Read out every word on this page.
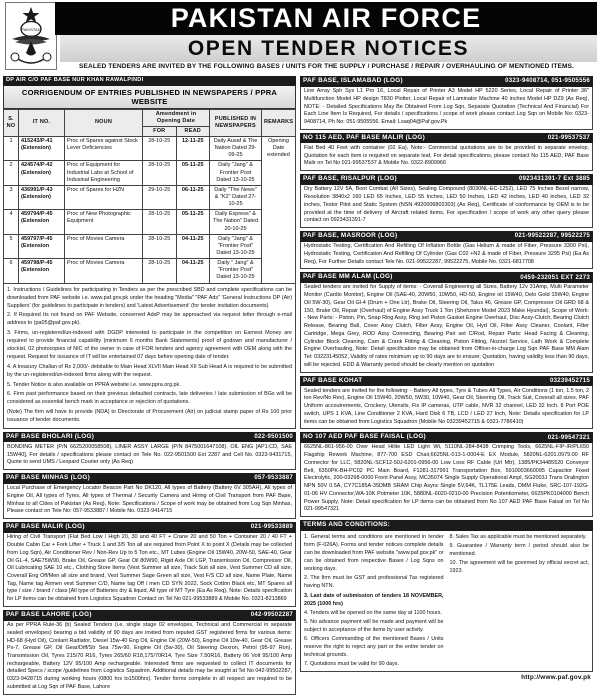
PAKISTAN	PAKISTAN AIR FORCE
OPEN TENDER NOTICES
SEALED TENDERS ARE INVITED BY THE FOLLOWING BASES / UNITS FOR THE SUPPLY / PURCHASE / REPAIR / OVERHAULING OF MENTIONED ITEMS.
DP AIR C/O PAF BASE NUR KHAN RAWALPINDI
CORRIGENDUM OF ENTRIES PUBLISHED IN NEWSPAPERS / PPRA WEBSITE
S. NO	IT NO.	NOUN	Amendment in Opening Date		PUBLISHED IN NEWSPAPERS	REMARKS
			FOR	READ		
1	415243/P-41 (Extension)	Proc of Spares against Stock Lever Deficiencies	28-10-25	12-11-25	Daily Ausaf & The Nation Dated 29-09-25	Opening Date extended
2	424574/P-42 (Extension)	Proc of Equipment for Industrial Labs at School of Indusinal Engineering	28-10-25	05-11-25	Daily "Jang" & Frontier Post Dated 13-10-25	
3	436991/P-43 (Extension)	Proc of Spares for HZN	29-10-25	06-11-25	Daily "The News" & "K2" Dated 27-10-25	
4	459794/P-45 (Extension	Proc of New Photographic Equipment	28-10-25	05-11-25	Daily Express" & The Nation" Dated 20-10-25	
5	459797/P-45 (Extension	Proc of Movies Camera	28-10-25	04-11-25	Daily "Jang" & "Frontier Post" Dated 13-10-25	
6	459798/P-45 (Extension	Proc of Movies Camera	28-10-25	04-11-25	Daily " Jang" & "Frontier Post" Dated 13-10-25	

1. Instructions / Guidelines for participating in Tenders as per the prescribed SBD and complete specifications can be downloaded from PAF website i.e. www.paf.gov.pk under the heading "Media" "PAF Ads" 'General Instructions DP (Air) Suppliers' (for guidelines to participate in tenders) and 'Latest Advertisement' (for tender invitation documents)

2. If Required Its not found on PAF Website, concerned AdsP may be approached via request letter through e-mail address to (pa05@paf.gov.pk).

3. Firms, un-registered/un-indexed with DGDP interested to participate in the competition on Earnest Money are required to provide financial capability (minimum 6 months Bank Statements) proof of godown and manufacturer / stockist, 02 photocopies of NIC of the owner in case of FOR tenders and agency agreement with OEM along with the request. Request for issuance of IT will be entertained 07 days before opening date of tender.

4. A treasury Challan of Rs 2,000/- debitable to Main Head XLVII Main Head XII Sub Head A is required to be submitted by the un-registered/un-indexed firms along with the request.

5. Tender Notice is also available on PPRA website i.e. www.ppra.org.pk.

6. Firm past performance based on their previous defaulted contracts, late deliveries / late submission of BGs will be considered as essential bench mark in acceptance or rejection of quotations.

(Note) The firm will have to provide (NDA) to Directorate of Procurement (Air) on judicial stamp paper of Rs 100 prior issuance of tender documents.

PAF BASE BHOLARI (LOG)	022-9501500
BONDING METER (P/N 6625200058508), LINER ASSY LARGE (P/N 8475001647108), OIL ENG [AP1:CD, SAE 15W40], For details / specifications please contact on Tele No. 022-9501500 Ext 2287 and Cell No. 0323-9431715, Quote to send UMS / Leopard Courier only (As Req)
PAF BASE MINHAS (LOG)	057-9533887
Local Purchase of Emergency Locator Beacon Part No DK120, All types of Battery (Battery 6V 305AH), All types of Engine Oil, All types of Tyres, All types of Thermal / Security Camera and Hiring of Civil Transport from PAF Base, Minhas to all Cities of Pakistan (As Req), Note: Specifications / Scope of work may be obtained from Log Sqn Minhas, Please contact on Tele No: 057-9533887 / Mobile No. 0323-9414715
PAF BASE MALIR (LOG)	021-99533889
Hiring of Civil Transport (Flat Bed Low / High 20, 30 and 40 FT + Crane 20 and 50 Ton + Container 20 / 40 FT + Double Cabin Car + Fork Lifter + Truck 1 and 3/5 Ton all are required from Point X to point X (Details may be collected from Log Sqn), Air Conditioner Rev / Non-Rev Up to 5 Ton etc., MT Lubes (Engine Oil 15W40, 20W-50, SAE-40, Gear Oil GL-4, SAE75W90, Brake Oil, Grease GP, Gear Oil 80W90, Rigid Axle Oil LGP, Transmission Oil, Compressor Oil, Oil Lubricating SAE 10 etc., Clothing Store Items (Vest Summer all size, Track Suit all size, Vest Summer CD all size, Coverall Eng Off/Men all size and brand, Vest Summer Sage Green all size, Vest F/S CD all size, Name Plate, Name Tag, Name tag Airmen vest Summer C/D, Name tag Off / men CD SYN 2022, Sock Cotton Black etc, MT Spares all type / size / brand / class [All type of Batteries dry & liquid, All type of MT Tyre (Ea As Req), Note: Details specification for LP items can be obtained from Logistics Squadron Contact on Tel No 021-99533889 & Mobile No. 0321-8213869
PAF BASE LAHORE (LOG)	042-99502287
As per PPRA Rule-36 (b) Sealed Tenders (i.e. single stage 02 envelopes, Technical and Commercial in separate sealed envelopes) bearing a bid validity of 90 days are invited from reputed GST registered firms for various items: HD-68 (Hyd Oil), Coolant Radiator, Diesel 15w-40 Eng Oil, Engine Oil (20W-50), Engine Oil 10w-40, Gear Oil, Grease Px-7, Grease GP, Oil Gear/Diff/Str Sea 75w-90, Engine Oil (5w-30), Oil Steering Dexron, Petrol (95-97 Ron), Transmission Oil, Tyres 215/70 R16, Tyres 265/60 R18,175/70R14, Tyre Size 7.50R16, Battery 06 Volt 95/100 Amp rechargeable, Battery 12V 95/100 Amp rechargeable. Interested firms are requested to collect IT documents for detailed Specs / scope /guidelines from Logistics Squadron. Additional details may be sought at Tel No 042-99502287, 0323-9428715 during working hours (0800 hrs to1500hrs). Tender forms complete in all respect are required to be submitted at Log Sqn of PAF Base, Lahore
PAF BASE, ISLAMABAD (LOG)	0323-9408714, 051-9505556
Line Array Splr Sys L1 Pro 16, Local Repair of Printer A3 Model HP 5220 Series, Local Repair of Printer 36" Multifunction Model HP design T830 Plotter, Local Repair of Laminator Machine 40 inches Model HP DZ9 (As Req), NOTE: - Detailed Specifications May Be Obtained From Log Sqn, Separate Quotation (Technical And Financial) For Each Line Item Is Required, For details / specifications / scope of work please contact Log Sqn on Mobile No: 0323-9408714, Ph No: 051-9505556. Email: Lsaq04@Paf.gov.Pk
NO 115 AED, PAF BASE MALIR (LOG)	021-99537537
Flat Bed 40 Feet with container (02 Ea), Note:- Commercial quotations are to be provided in separate envelop, Quotation for each item is required on separate leaf, For detail specifications, please contact No 115 AED, PAF Base Malir on Tel No 021-99537537 & Mobile No. 0322-8909966
PAF BASE, RISALPUR (LOG)	0923431391-7 Ext 3885
Dry Battery 12V 5A, Boot Combat (All Sizes), Sealing Compound (8030NL-EC-1252), LED 75 Inches Bezel narrow, Resolution 3840x2 160 LED 65 Inches, LED 55 Inches, LED 50 Inches, LED 42 inches, LED 40 inches, LED 32 inches, Testor Pitot and Static System (NSN 4920006802303) (As Req), Certificate of conformance by OEM is to be provided at the time of delivery of Aircraft related items, For specification / scope of work any other query please contact on 0923431391-7
PAF BASE, MASROOR (LOG)	021-99522287, 99522275
Hydrostatic Testing, Certification And Refilling Of Inflation Bottle (Gas Helium & made of Fiber, Pressure 3300 Psi), Hydrostatic Testing, Certification And Refilling Of Cylinder (Gas C02 +N2 & made of Fiber, Pressure 3295 Psi) (Ea As Req), For Further Details contact Tele No. 021-99522287, 99522275, Mobile No. 0321-6817708
PAF BASE MM ALAM (LOG)	0459-232051 EXT 2273
Sealed tenders are invited for Supply of items: - Coverall Engineering all Sizes, Battery 12v 31Amp, Multi Parameter Monitor (Cardio Monitor), Engine Oil (SAE-40, 20W50, 10W50, HD-50, Engine oil 15W40, Delo Gold 15W40, Engine Oil 5W-30), Gear Oil Gl-4 (Drum + One Ltr), Brake Oil, Steering Oil, Talus 46, Grease GP, Compressor Oil GRD 68 & 150, Brake Oil, Repair (Overhaul) of Engine Assy Truck 1 Ton (Shehzore Model 2023 Make Hyundai), Scope of Work: - New Parts: - Piston, Pin, Snap Ring Assy, Ring set Piston Gasket Engine Overhaul, Disc Assy-Clutch, Bearing Clutch Release, Bearing Ball, Cover Assy Clutch, Filter Assy, Engine Oil, Hyd Oil, Filter Assy Cleaner, Coolant, Filter Cartridge, Mega Grey, ROD Assy Connecting, Bearing Pair set C/Rod, Repair Parts: Head Facing & Cleaning, Cylinder Block Cleaning, Cam & Crank Fitting & Cleaning, Piston Fitting, Nozzel Service, Lath Work & Complete Engine Overhauling, Note: Detail specification may be obtained from Officer-in-charge Log Sqn PAF Base MM Alam Tel: 03223145052, Validity of rates minimum up to 90 days are to ensure; Quotation, having validity less than 90 days, will be rejected. EDD & Warranty period should be clearly mention on quotation
PAF BASE KOHAT	03239452715
Sealed tenders are invited for the following: - Battery All types, Tyre & Tubes All Types, Air Conditions (1 ton, 1.5 ton, 2 ton Rev/No Rev), Engine Oil 15W40, 20W50, 5W30, 10W40, Gear Oil, Steering Oil, Track Suit, Coverall all sizes, PAF Uniform accoutrements, Crockery, Utensils, Fix IP cameras, UTP cable, NVR 32 channel, LED 32 Inch. 8 Port POE switch, UPS 1 KVA, Line Conditioner 2 KVA, Hard Disk 6 TB, LCD / LED 27 Inch, Note: Details specification for LP items can be obtained from Logistics Squadron (Mobile No 03239452715 & 0321-7786410)
NO 107 AED PAF BASE FAISAL (LOG)	021-99547321
6625NL-861-956-00 Over Head Hilite LED Light Wt, 5110NL-284-8438 Crimping Tools, 6625NL-FIP-IR/PL650 Flagship Rework Machine, 877-700 ESD Chair,6625NL-013-1-0004-E EX Module, 5820NL-6201.0979.00 RF Connector for LLC, 5820NL-SCF12-50J-6201-0956-00 Low Loss RF Cable (Url Mtr), 1385/PK34485520 Conveyor Belt, 6350PK-BH-PC02 PC Main Board, F1281-317991 Transportation Box, 5910003660095 Capacitor Fixed Electrolytic, 200-03298-0000 Front Panel Assy, MC35074 Single Supply Operational Ampl, SG2003J Trans Dralington NPN 50V 0.5A, CY7C185A-35DMB SRAM Chip Async Single 5V,64K, TL175E Leads, DMM Fluke, SRC-107-192G-01-06 HV Connector,WA-10K Potmeter 10K, 5880NL-6020-0210-00 Precision Potentiometer, 6625PK0104000 Bench Power Supply, Note: Detail specification for LP items can be obtained from No 107 AED PAF Base Faisal on Tel No 021-99547321
TERMS AND CONDITIONS:

1. General terms and conditions are mentioned in tender form (F-026A). Forms and tender notices complete details can be downloaded from PAF website "www.paf.gov.pk" or can be obtained from respective Bases / Log Sqns on working days.

2. The firm must be GST and professional Tax registered having NTN.

3. Last date of submission of tenders 18 NOVEMBER, 2025 (1000 hrs)

4. Tenders will be opened on the same day at 1100 hours.

5. No advance payment will be made and payment will be subject to acceptance of the items by user activity.

6. Officers Commanding of the mentioned Bases / Units reserve the right to reject any part or the entire tender on technical grounds.

7. Quotations must be valid for 90 days.

8. Sales Tax as applicable must be mentioned separately.

9. Guarantee / Warranty term / period should also be mentioned.

10. The agreement will be governed by official secret act, 1923.

http://www.paf.gov.pk
